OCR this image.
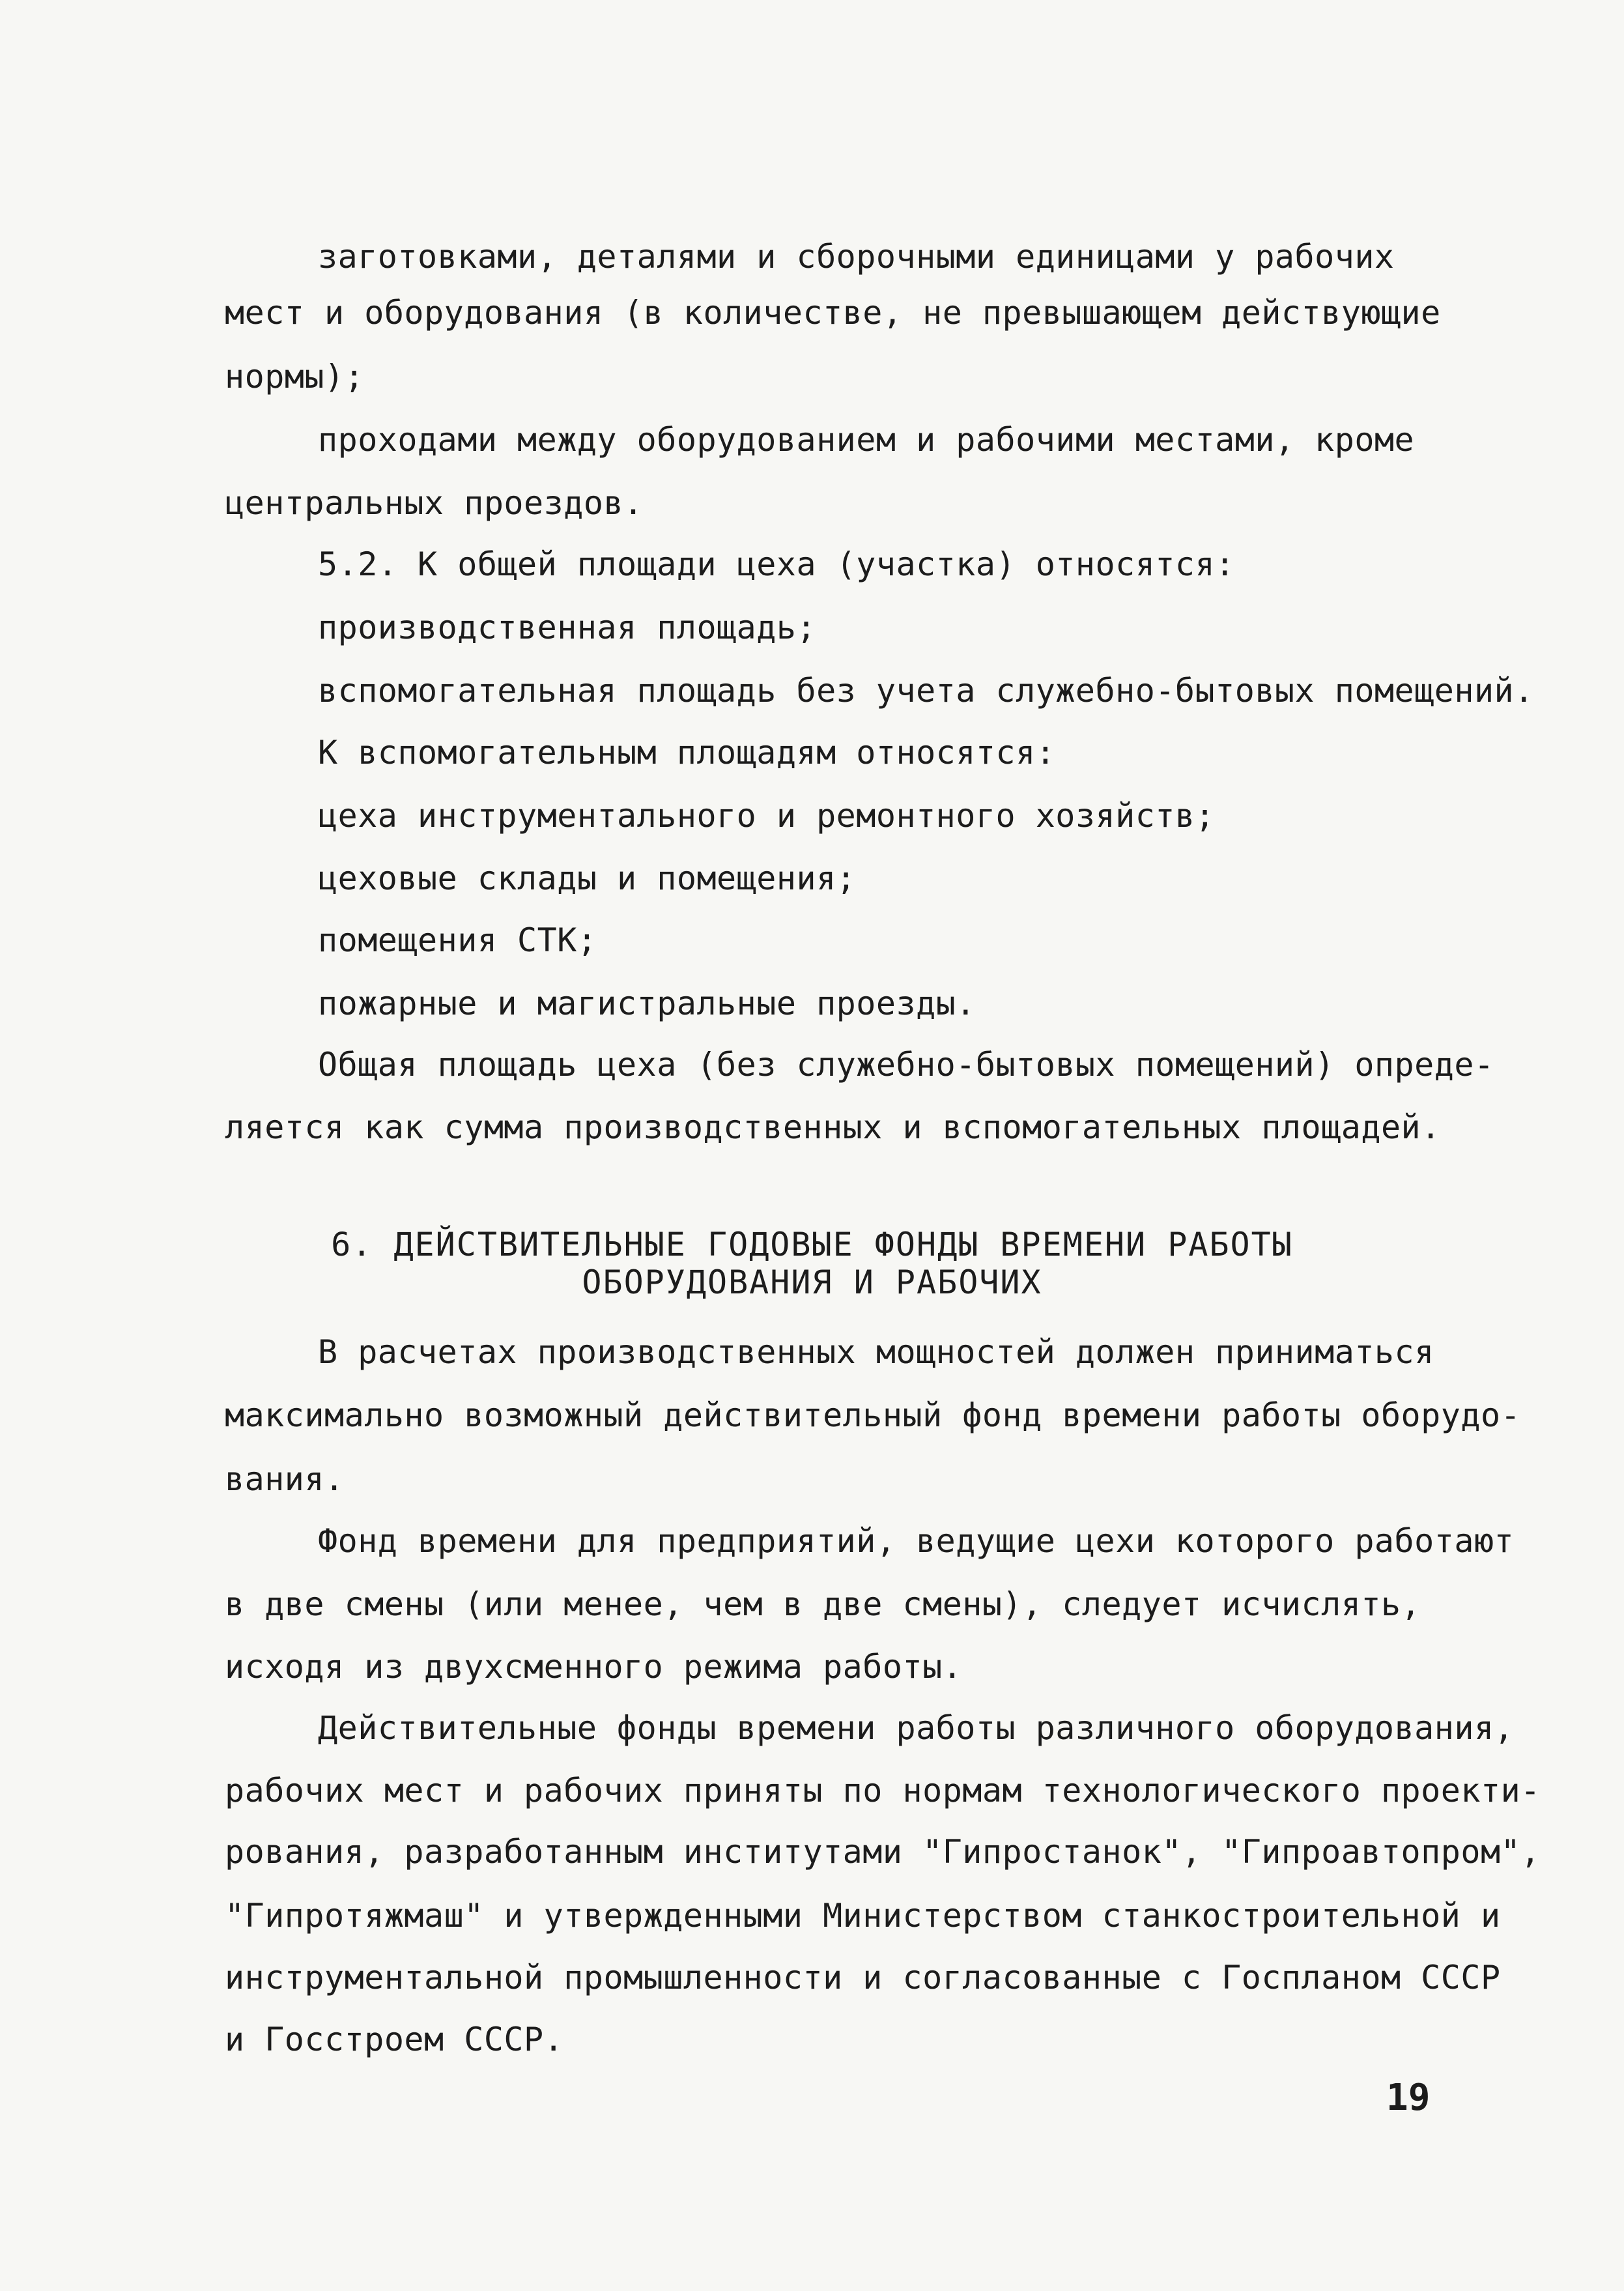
заготовками, деталями и сборочными единицами у рабочих
мест и оборудования (в количестве, не превышающем действующие
нормы);
проходами между оборудованием и рабочими местами, кроме
центральных проездов.
5.2. К общей площади цеха (участка) относятся:
производственная площадь;
вспомогательная площадь без учета служебно-бытовых помещений.
К вспомогательным площадям относятся:
цеха инструментального и ремонтного хозяйств;
цеховые склады и помещения;
помещения СТК;
пожарные и магистральные проезды.
Общая площадь цеха (без служебно-бытовых помещений) опреде-
ляется как сумма производственных и вспомогательных площадей.
6. ДЕЙСТВИТЕЛЬНЫЕ ГОДОВЫЕ ФОНДЫ ВРЕМЕНИ РАБОТЫ
ОБОРУДОВАНИЯ И РАБОЧИХ
В расчетах производственных мощностей должен приниматься
максимально возможный действительный фонд времени работы оборудо-
вания.
Фонд времени для предприятий, ведущие цехи которого работают
в две смены (или менее, чем в две смены), следует исчислять,
исходя из двухсменного режима работы.
Действительные фонды времени работы различного оборудования,
рабочих мест и рабочих приняты по нормам технологического проекти-
рования, разработанным институтами "Гипростанок", "Гипроавтопром",
"Гипротяжмаш" и утвержденными Министерством станкостроительной и
инструментальной промышленности и согласованные с Госпланом СССР
и Госстроем СССР.
19
